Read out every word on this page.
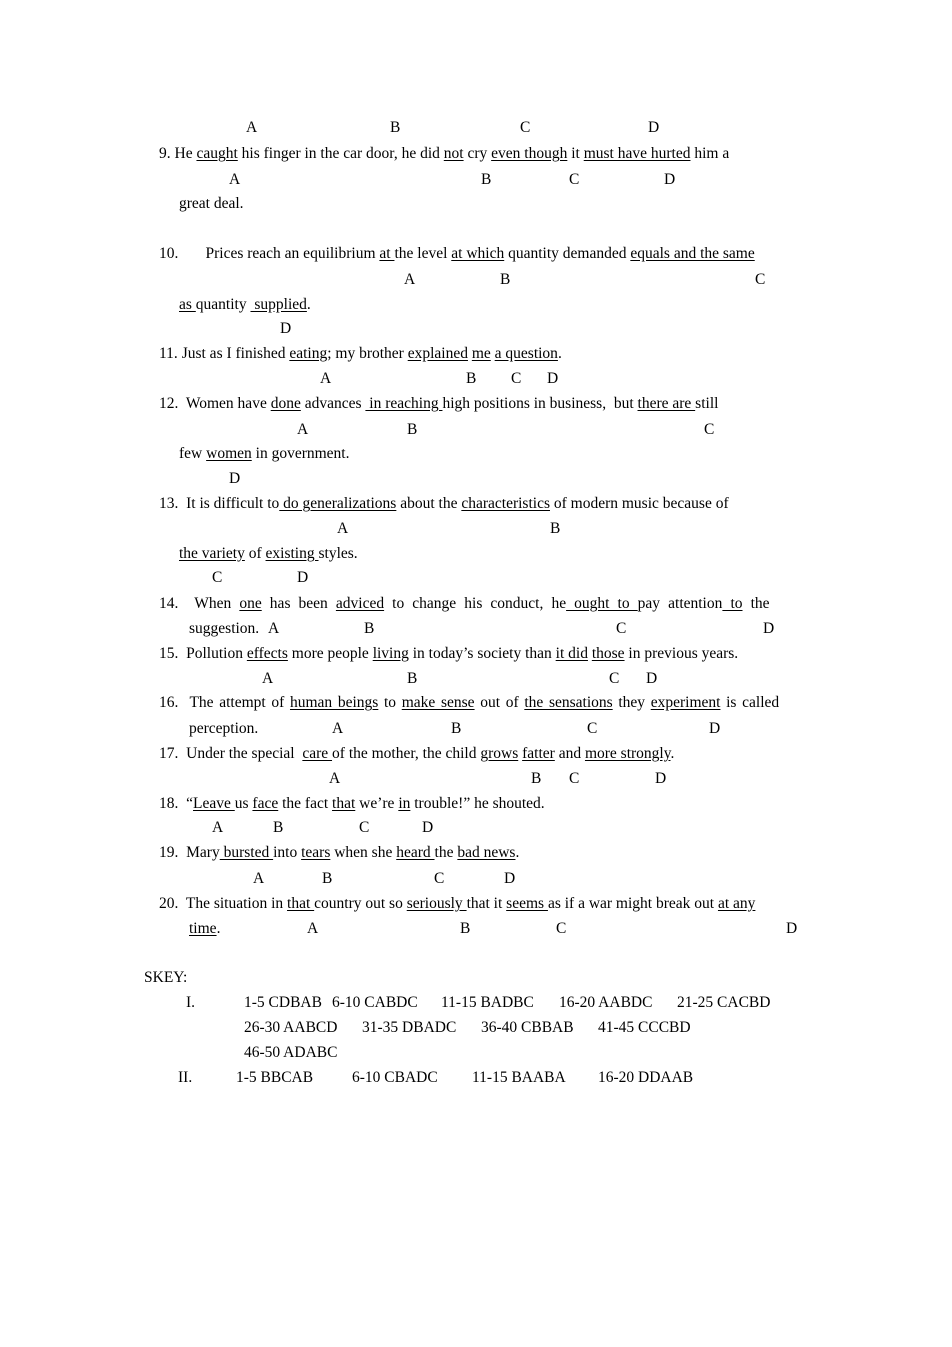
A	B	C	D
9. He caught his finger in the car door, he did not cry even though it must have hurted him a
A	B	C	D
great deal.
10. Prices reach an equilibrium at the level at which quantity demanded equals and the same
A	B	C
as quantity  supplied.
D
11. Just as I finished eating; my brother explained me a question.
A	B C D
12. Women have done advances  in reaching high positions in business,  but there are still
A	B	C
few women in government.
D
13. It is difficult to do generalizations about the characteristics of modern music because of
A	B
the variety of existing styles.
C	D
14. When one has been adviced to change his conduct, he ought to pay attention to the
suggestion. A	B	C	D
15. Pollution effects more people living in today’s society than it did those in previous years.
A	B	C D
16. The attempt of human beings to make sense out of the sensations they experiment is called
perception.	A	B	C	D
17. Under the special  care of the mother, the child grows fatter and more strongly.
A	B C	D
18. “Leave us face the fact that we’re in trouble!” he shouted.
A	B	C	D
19. Mary bursted into tears when she heard the bad news.
A	B	C	D
20. The situation in that country out so seriously that it seems as if a war might break out at any
time.	A	B	C	D
SKEY:
I.	1-5 CDBAB 6-10 CABDC 11-15 BADBC 16-20 AABDC 21-25 CACBD
26-30 AABCD 31-35 DBADC 36-40 CBBAB 41-45 CCCBD
46-50 ADABC
II.	1-5 BBCAB	6-10 CBADC 11-15 BAABA 16-20 DDAAB
